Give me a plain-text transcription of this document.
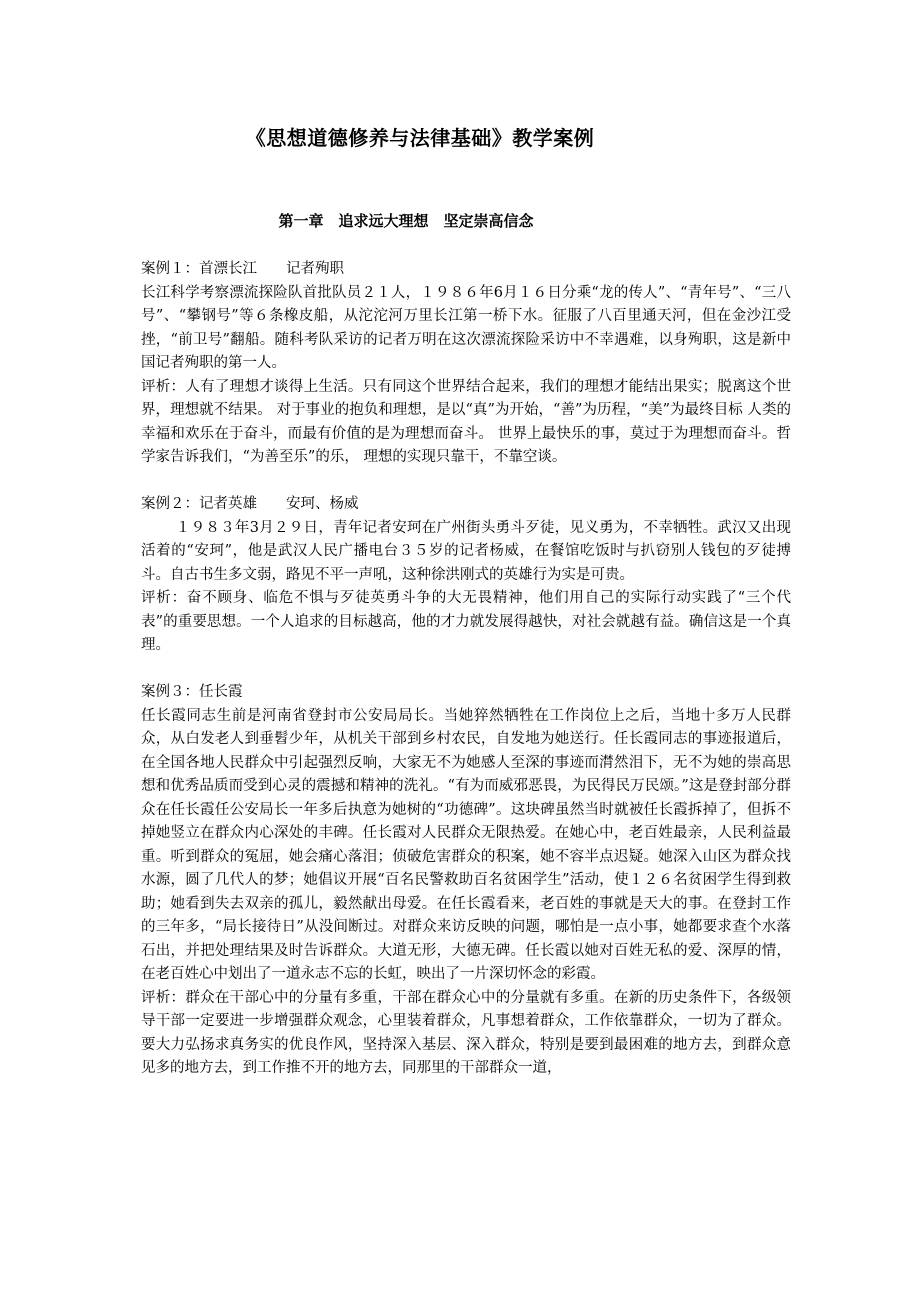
《思想道德修养与法律基础》教学案例
第一章　追求远大理想　坚定崇高信念

案例１：首漂长江　　记者殉职

长江科学考察漂流探险队首批队员２１人，１９８６年6月１６日分乘“龙的传人”、“青年号”、“三八号”、“攀钢号”等６条橡皮船，从沱沱河万里长江第一桥下水。征服了八百里通天河，但在金沙江受挫，“前卫号”翻船。随科考队采访的记者万明在这次漂流探险采访中不幸遇难，以身殉职，这是新中国记者殉职的第一人。

评析：人有了理想才谈得上生活。只有同这个世界结合起来，我们的理想才能结出果实；脱离这个世界，理想就不结果。 对于事业的抱负和理想，是以“真”为开始，“善”为历程，“美”为最终目标 人类的幸福和欢乐在于奋斗，而最有价值的是为理想而奋斗。 世界上最快乐的事，莫过于为理想而奋斗。哲学家告诉我们，“为善至乐”的乐， 理想的实现只靠干，不靠空谈。

案例２：记者英雄　　安珂、杨威

１９８３年3月２９日，青年记者安珂在广州街头勇斗歹徒，见义勇为，不幸牺牲。武汉又出现活着的“安珂”，他是武汉人民广播电台３５岁的记者杨威，在餐馆吃饭时与扒窃别人钱包的歹徒搏斗。自古书生多文弱，路见不平一声吼，这种徐洪刚式的英雄行为实是可贵。

评析：奋不顾身、临危不惧与歹徒英勇斗争的大无畏精神，他们用自己的实际行动实践了“三个代表”的重要思想。一个人追求的目标越高，他的才力就发展得越快，对社会就越有益。确信这是一个真理。

案例３：任长霞

任长霞同志生前是河南省登封市公安局局长。当她猝然牺牲在工作岗位上之后，当地十多万人民群众，从白发老人到垂髫少年，从机关干部到乡村农民，自发地为她送行。任长霞同志的事迹报道后，在全国各地人民群众中引起强烈反响，大家无不为她感人至深的事迹而潸然泪下，无不为她的崇高思想和优秀品质而受到心灵的震撼和精神的洗礼。“有为而威邪恶畏，为民得民万民颂。”这是登封部分群众在任长霞任公安局长一年多后执意为她树的“功德碑”。这块碑虽然当时就被任长霞拆掉了，但拆不掉她竖立在群众内心深处的丰碑。任长霞对人民群众无限热爱。在她心中，老百姓最亲，人民利益最重。听到群众的冤屈，她会痛心落泪；侦破危害群众的积案，她不容半点迟疑。她深入山区为群众找水源，圆了几代人的梦；她倡议开展“百名民警救助百名贫困学生”活动，使１２６名贫困学生得到救助；她看到失去双亲的孤儿，毅然献出母爱。在任长霞看来，老百姓的事就是天大的事。在登封工作的三年多，“局长接待日”从没间断过。对群众来访反映的问题，哪怕是一点小事，她都要求查个水落石出，并把处理结果及时告诉群众。大道无形，大德无碑。任长霞以她对百姓无私的爱、深厚的情，在老百姓心中划出了一道永志不忘的长虹，映出了一片深切怀念的彩霞。

评析：群众在干部心中的分量有多重，干部在群众心中的分量就有多重。在新的历史条件下，各级领导干部一定要进一步增强群众观念，心里装着群众，凡事想着群众，工作依靠群众，一切为了群众。要大力弘扬求真务实的优良作风，坚持深入基层、深入群众，特别是要到最困难的地方去，到群众意见多的地方去，到工作推不开的地方去，同那里的干部群众一道，
